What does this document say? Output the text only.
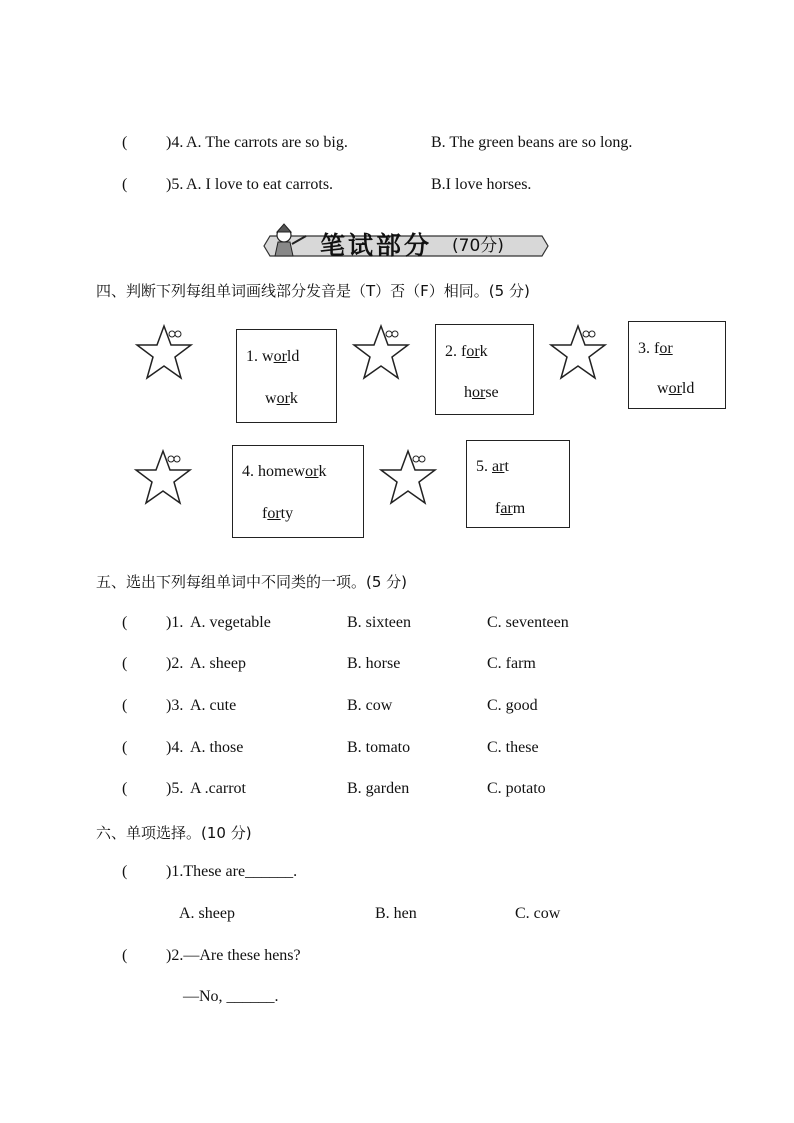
( )4. A. The carrots are so big.	B. The green beans are so long.
( )5. A. I love to eat carrots.	B.I love horses.
笔试部分 (70分)
四、判断下列每组单词画线部分发音是（T）否（F）相同。(5 分)
1. world
work
2. fork
horse
3. for
world
4. homework
forty
5. art
farm
五、选出下列每组单词中不同类的一项。(5 分)
( )1. A. vegetable	B. sixteen	C. seventeen
( )2. A. sheep	B. horse	C. farm
( )3. A. cute	B. cow	C. good
( )4. A. those	B. tomato	C. these
( )5. A .carrot	B. garden	C. potato
六、单项选择。(10 分)
( )1.These are______.
A. sheep	B. hen	C. cow
( )2.—Are these hens?
—No, ______.
